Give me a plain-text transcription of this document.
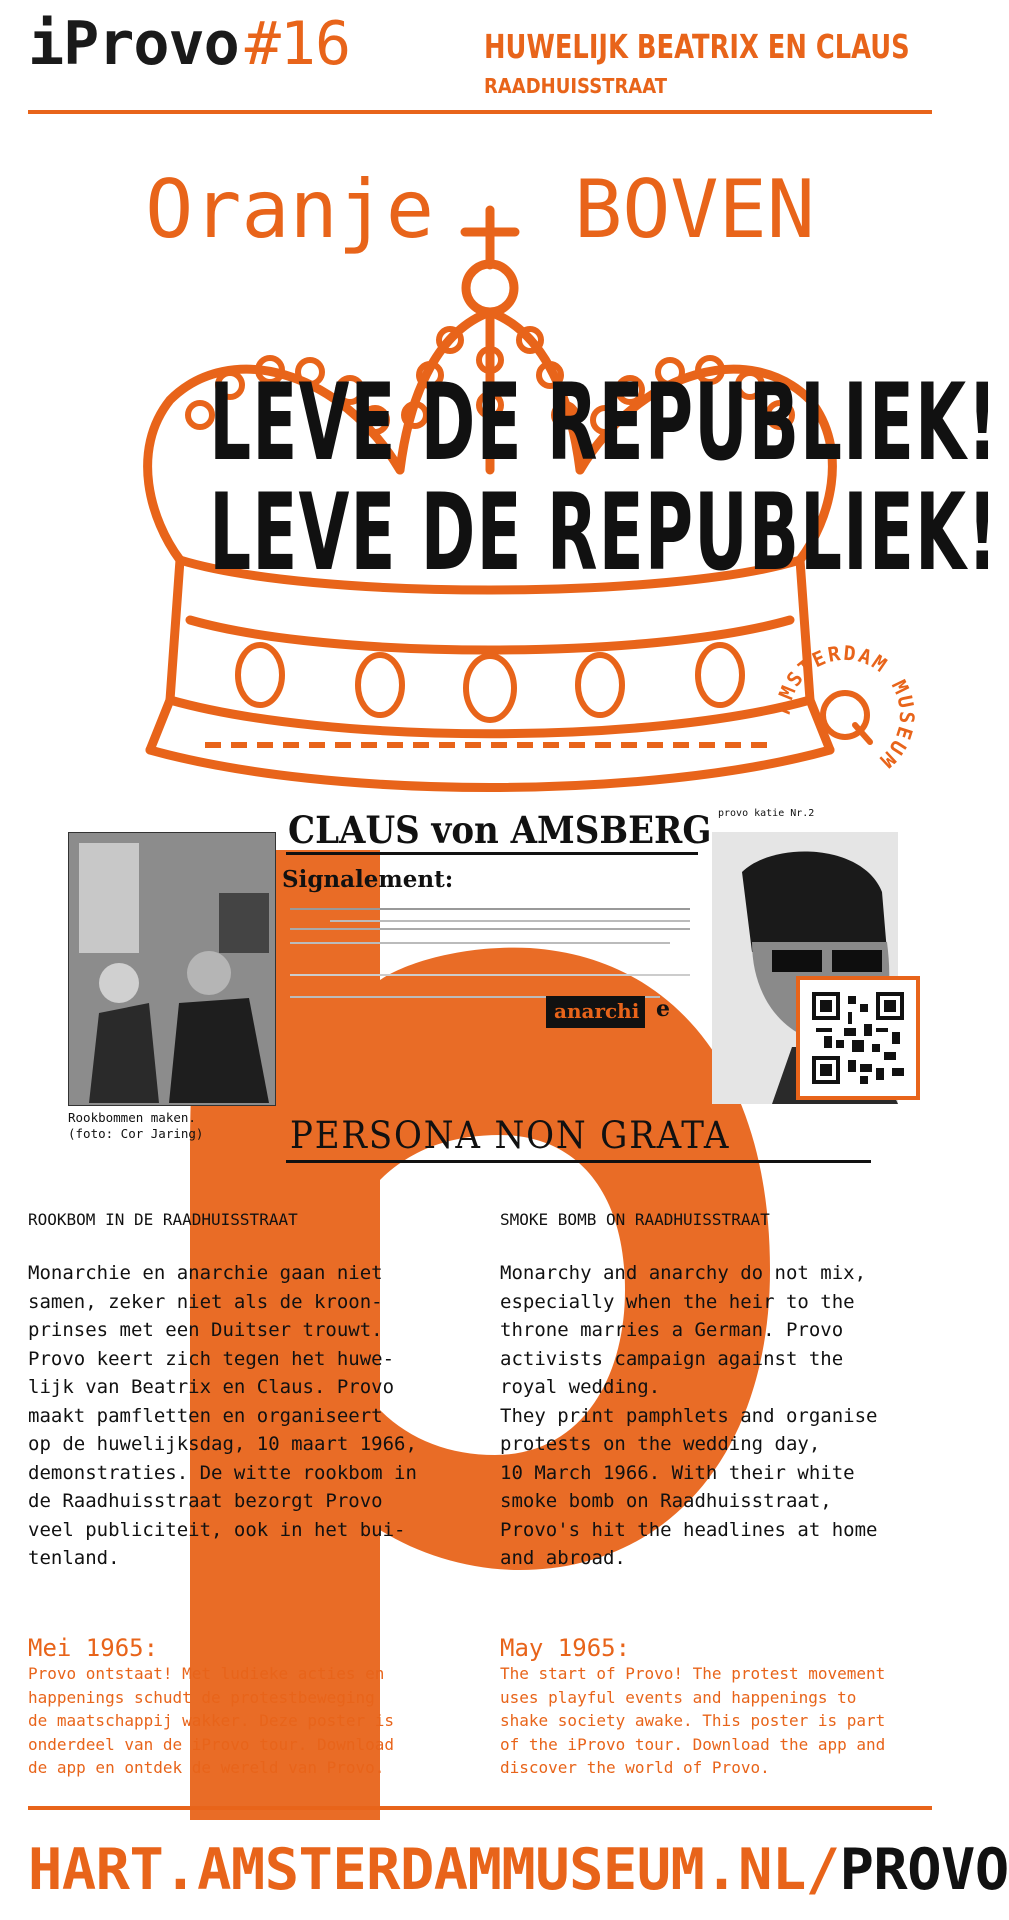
iProvo #16	HUWELIJK BEATRIX EN CLAUS
RAADHUISSTRAAT
Oranje BOVEN
LEVE DE REPUBLIEK!
LEVE DE REPUBLIEK!
AMSTERDAM MUSEUM
Rookbommen maken.
(foto: Cor Jaring)
CLAUS von AMSBERG
Signalement:
anarchi e
PERSONA NON GRATA
provo katie Nr.2
ROOKBOM IN DE RAADHUISSTRAAT
Monarchie en anarchie gaan niet
samen, zeker niet als de kroon-
prinses met een Duitser trouwt.
Provo keert zich tegen het huwe-
lijk van Beatrix en Claus. Provo
maakt pamfletten en organiseert
op de huwelijksdag, 10 maart 1966,
demonstraties. De witte rookbom in
de Raadhuisstraat bezorgt Provo
veel publiciteit, ook in het bui-
tenland.
SMOKE BOMB ON RAADHUISSTRAAT
Monarchy and anarchy do not mix,
especially when the heir to the
throne marries a German. Provo
activists campaign against the
royal wedding.
They print pamphlets and organise
protests on the wedding day,
10 March 1966. With their white
smoke bomb on Raadhuisstraat,
Provo's hit the headlines at home
and abroad.
Mei 1965:
Provo ontstaat! Met ludieke acties en
happenings schudt de protestbeweging
de maatschappij wakker. Deze poster is
onderdeel van de iProvo tour. Download
de app en ontdek de wereld van Provo.
May 1965:
The start of Provo! The protest movement
uses playful events and happenings to
shake society awake. This poster is part
of the iProvo tour. Download the app and
discover the world of Provo.
HART.AMSTERDAMMUSEUM.NL/PROVO
